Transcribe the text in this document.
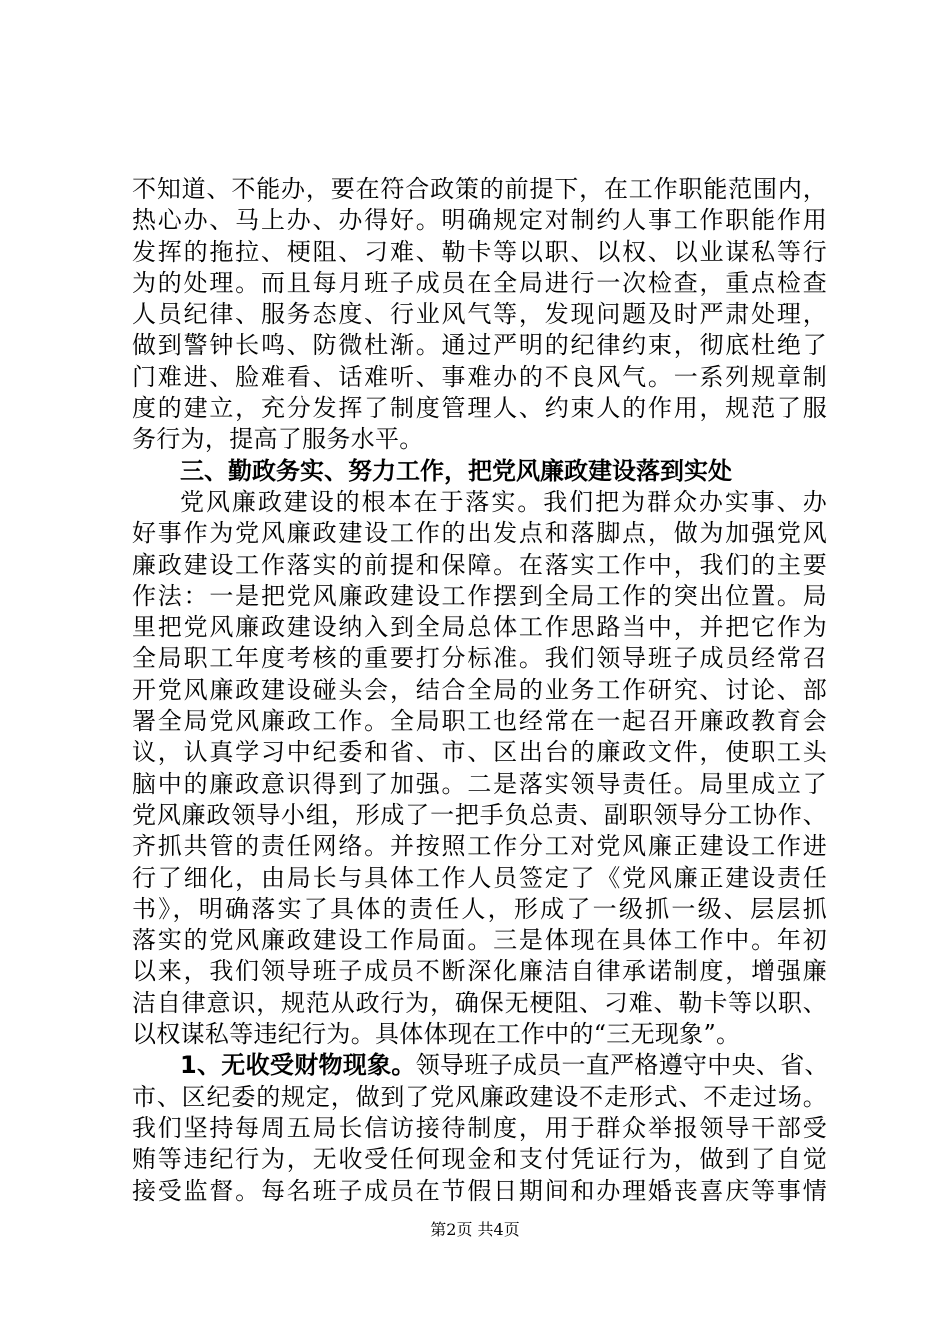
不知道、不能办，要在符合政策的前提下，在工作职能范围内，
热心办、马上办、办得好。明确规定对制约人事工作职能作用
发挥的拖拉、梗阻、刁难、勒卡等以职、以权、以业谋私等行
为的处理。而且每月班子成员在全局进行一次检查，重点检查
人员纪律、服务态度、行业风气等，发现问题及时严肃处理，
做到警钟长鸣、防微杜渐。通过严明的纪律约束，彻底杜绝了
门难进、脸难看、话难听、事难办的不良风气。一系列规章制
度的建立，充分发挥了制度管理人、约束人的作用，规范了服
务行为，提高了服务水平。
三、勤政务实、努力工作，把党风廉政建设落到实处
党风廉政建设的根本在于落实。我们把为群众办实事、办
好事作为党风廉政建设工作的出发点和落脚点，做为加强党风
廉政建设工作落实的前提和保障。在落实工作中，我们的主要
作法：一是把党风廉政建设工作摆到全局工作的突出位置。局
里把党风廉政建设纳入到全局总体工作思路当中，并把它作为
全局职工年度考核的重要打分标准。我们领导班子成员经常召
开党风廉政建设碰头会，结合全局的业务工作研究、讨论、部
署全局党风廉政工作。全局职工也经常在一起召开廉政教育会
议，认真学习中纪委和省、市、区出台的廉政文件，使职工头
脑中的廉政意识得到了加强。二是落实领导责任。局里成立了
党风廉政领导小组，形成了一把手负总责、副职领导分工协作、
齐抓共管的责任网络。并按照工作分工对党风廉正建设工作进
行了细化，由局长与具体工作人员签定了《党风廉正建设责任
书》，明确落实了具体的责任人，形成了一级抓一级、层层抓
落实的党风廉政建设工作局面。三是体现在具体工作中。年初
以来，我们领导班子成员不断深化廉洁自律承诺制度，增强廉
洁自律意识，规范从政行为，确保无梗阻、刁难、勒卡等以职、
以权谋私等违纪行为。具体体现在工作中的“三无现象”。
1、无收受财物现象。领导班子成员一直严格遵守中央、省、
市、区纪委的规定，做到了党风廉政建设不走形式、不走过场。
我们坚持每周五局长信访接待制度，用于群众举报领导干部受
贿等违纪行为，无收受任何现金和支付凭证行为，做到了自觉
接受监督。每名班子成员在节假日期间和办理婚丧喜庆等事情
第2页 共4页
